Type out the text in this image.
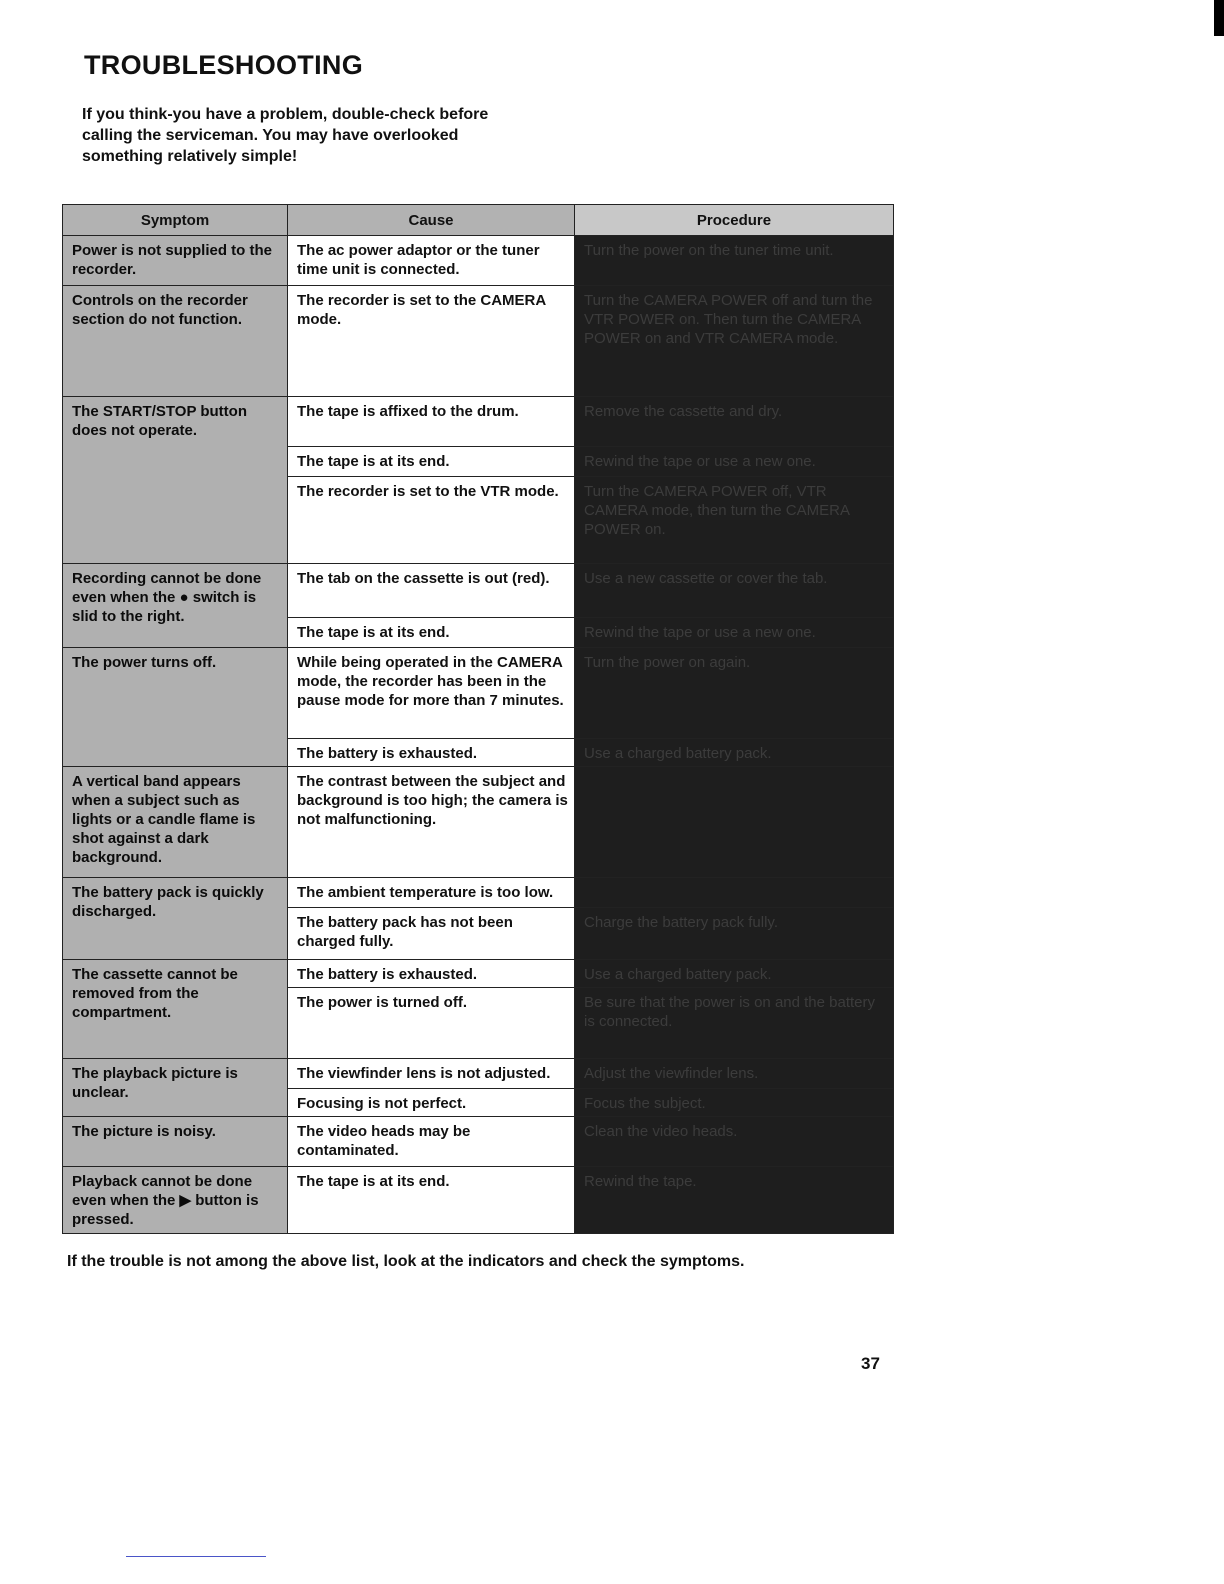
TROUBLESHOOTING

If you think-you have a problem, double-check before calling the serviceman. You may have overlooked something relatively simple!

Symptom	Cause	Procedure
Power is not supplied to the recorder.	The ac power adaptor or the tuner time unit is connected.	Turn the power on the tuner time unit.
Controls on the recorder section do not function.	The recorder is set to the CAMERA mode.	Turn the CAMERA POWER off and turn the VTR POWER on. Then turn the CAMERA POWER on and VTR CAMERA mode.
The START/STOP button does not operate.	The tape is affixed to the drum.	Remove the cassette and dry.
	The tape is at its end.	Rewind the tape or use a new one.
	The recorder is set to the VTR mode.	Turn the CAMERA POWER off, VTR CAMERA mode, then turn the CAMERA POWER on.
Recording cannot be done even when the ● switch is slid to the right.	The tab on the cassette is out (red).	Use a new cassette or cover the tab.
	The tape is at its end.	Rewind the tape or use a new one.
The power turns off.	While being operated in the CAMERA mode, the recorder has been in the pause mode for more than 7 minutes.	Turn the power on again.
	The battery is exhausted.	Use a charged battery pack.
A vertical band appears when a subject such as lights or a candle flame is shot against a dark background.	The contrast between the subject and background is too high; the camera is not malfunctioning.	
The battery pack is quickly discharged.	The ambient temperature is too low.	
	The battery pack has not been charged fully.	Charge the battery pack fully.
The cassette cannot be removed from the compartment.	The battery is exhausted.	Use a charged battery pack.
	The power is turned off.	Be sure that the power is on and the battery is connected.
The playback picture is unclear.	The viewfinder lens is not adjusted.	Adjust the viewfinder lens.
	Focusing is not perfect.	Focus the subject.
The picture is noisy.	The video heads may be contaminated.	Clean the video heads.
Playback cannot be done even when the ▶ button is pressed.	The tape is at its end.	Rewind the tape.

If the trouble is not among the above list, look at the indicators and check the symptoms.

37
